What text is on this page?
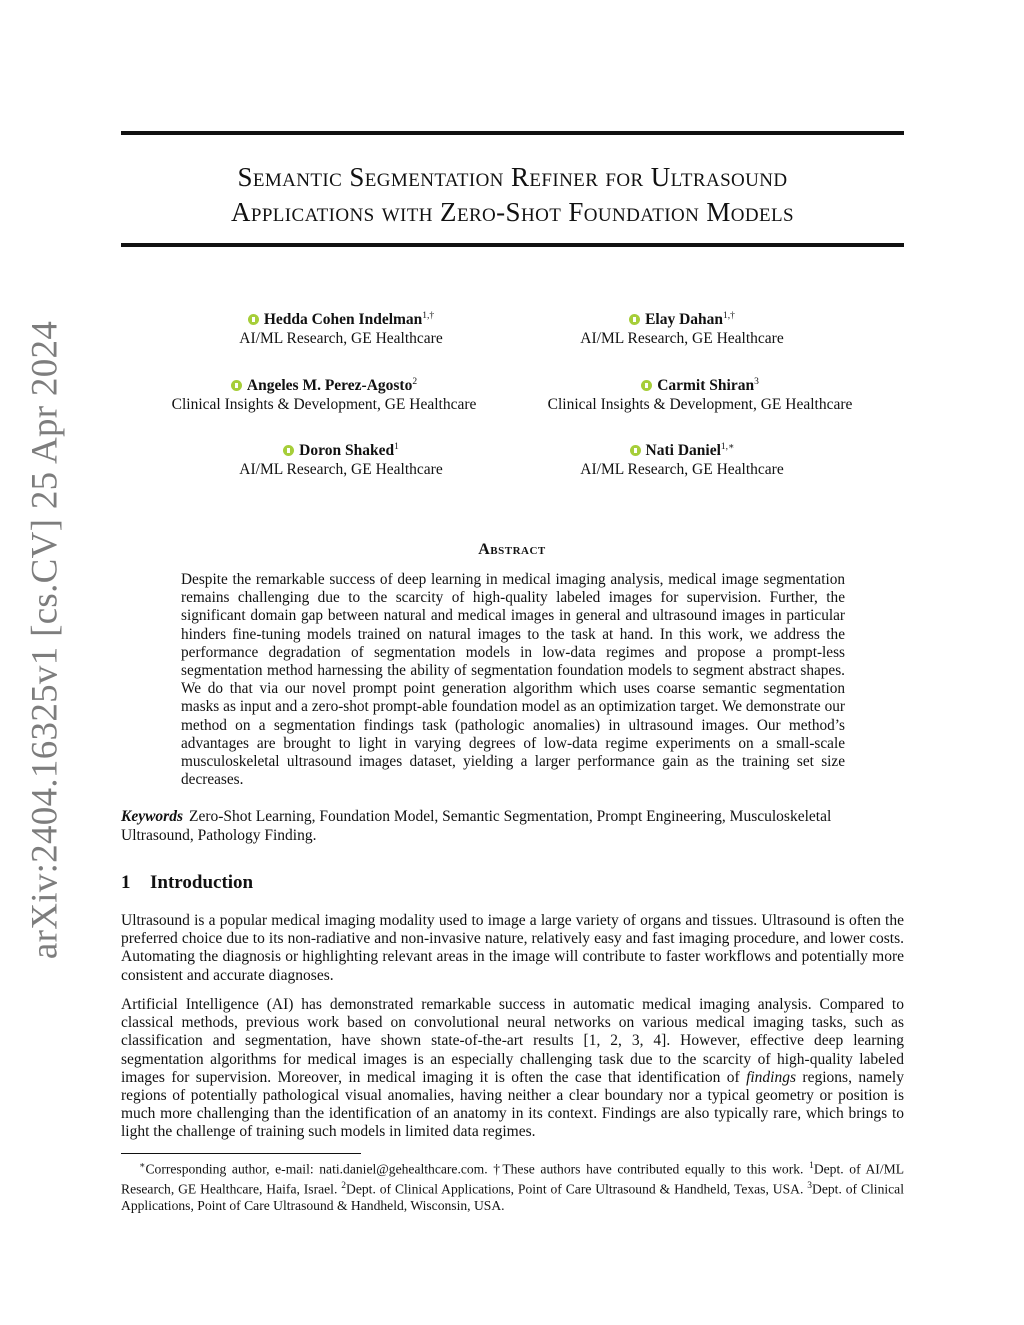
arXiv:2404.16325v1 [cs.CV] 25 Apr 2024
Semantic Segmentation Refiner for Ultrasound
Applications with Zero-Shot Foundation Models
Hedda Cohen Indelman$^{1,\dagger}$
AI/ML Research, GE Healthcare
Elay Dahan$^{1,\dagger}$
AI/ML Research, GE Healthcare
Angeles M. Perez-Agosto$^2$
Clinical Insights & Development, GE Healthcare
Carmit Shiran$^3$
Clinical Insights & Development, GE Healthcare
Doron Shaked$^1$
AI/ML Research, GE Healthcare
Nati Daniel$^{1,∗}$
AI/ML Research, GE Healthcare
Abstract
Despite the remarkable success of deep learning in medical imaging analysis, medical image segmentation remains challenging due to the scarcity of high-quality labeled images for supervision. Further, the significant domain gap between natural and medical images in general and ultrasound images in particular hinders fine-tuning models trained on natural images to the task at hand. In this work, we address the performance degradation of segmentation models in low-data regimes and propose a prompt-less segmentation method harnessing the ability of segmentation foundation models to segment abstract shapes. We do that via our novel prompt point generation algorithm which uses coarse semantic segmentation masks as input and a zero-shot prompt-able foundation model as an optimization target. We demonstrate our method on a segmentation findings task (pathologic anomalies) in ultrasound images. Our method’s advantages are brought to light in varying degrees of low-data regime experiments on a small-scale musculoskeletal ultrasound images dataset, yielding a larger performance gain as the training set size decreases.
Keywords Zero-Shot Learning, Foundation Model, Semantic Segmentation, Prompt Engineering, Musculoskeletal Ultrasound, Pathology Finding.
1 Introduction
Ultrasound is a popular medical imaging modality used to image a large variety of organs and tissues. Ultrasound is often the preferred choice due to its non-radiative and non-invasive nature, relatively easy and fast imaging procedure, and lower costs. Automating the diagnosis or highlighting relevant areas in the image will contribute to faster workflows and potentially more consistent and accurate diagnoses.
Artificial Intelligence (AI) has demonstrated remarkable success in automatic medical imaging analysis. Compared to classical methods, previous work based on convolutional neural networks on various medical imaging tasks, such as classification and segmentation, have shown state-of-the-art results [1, 2, 3, 4]. However, effective deep learning segmentation algorithms for medical images is an especially challenging task due to the scarcity of high-quality labeled images for supervision. Moreover, in medical imaging it is often the case that identification of findings regions, namely regions of potentially pathological visual anomalies, having neither a clear boundary nor a typical geometry or position is much more challenging than the identification of an anatomy in its context. Findings are also typically rare, which brings to light the challenge of training such models in limited data regimes.
∗Corresponding author, e-mail: nati.daniel@gehealthcare.com. †These authors have contributed equally to this work. $^1$Dept. of AI/ML Research, GE Healthcare, Haifa, Israel. $^2$Dept. of Clinical Applications, Point of Care Ultrasound & Handheld, Texas, USA. $^3$Dept. of Clinical Applications, Point of Care Ultrasound & Handheld, Wisconsin, USA.
